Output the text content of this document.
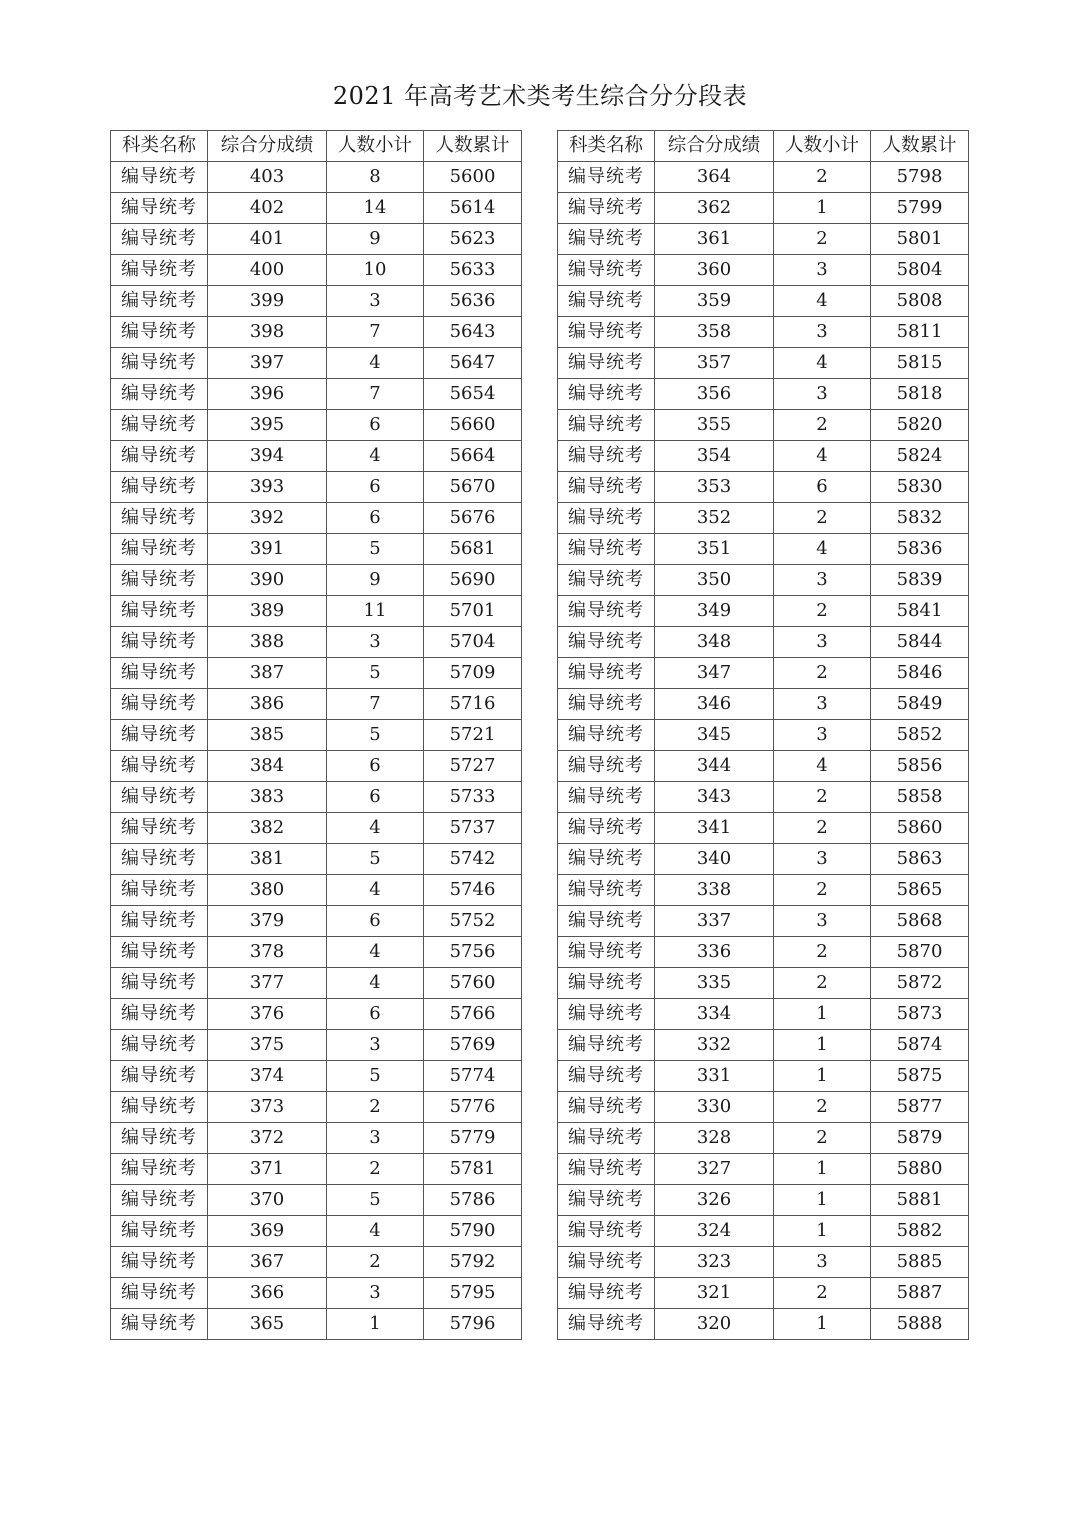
2021 年高考艺术类考生综合分分段表
科类名称	综合分成绩	人数小计	人数累计
编导统考	403	8	5600
编导统考	402	14	5614
编导统考	401	9	5623
编导统考	400	10	5633
编导统考	399	3	5636
编导统考	398	7	5643
编导统考	397	4	5647
编导统考	396	7	5654
编导统考	395	6	5660
编导统考	394	4	5664
编导统考	393	6	5670
编导统考	392	6	5676
编导统考	391	5	5681
编导统考	390	9	5690
编导统考	389	11	5701
编导统考	388	3	5704
编导统考	387	5	5709
编导统考	386	7	5716
编导统考	385	5	5721
编导统考	384	6	5727
编导统考	383	6	5733
编导统考	382	4	5737
编导统考	381	5	5742
编导统考	380	4	5746
编导统考	379	6	5752
编导统考	378	4	5756
编导统考	377	4	5760
编导统考	376	6	5766
编导统考	375	3	5769
编导统考	374	5	5774
编导统考	373	2	5776
编导统考	372	3	5779
编导统考	371	2	5781
编导统考	370	5	5786
编导统考	369	4	5790
编导统考	367	2	5792
编导统考	366	3	5795
编导统考	365	1	5796
科类名称	综合分成绩	人数小计	人数累计
编导统考	364	2	5798
编导统考	362	1	5799
编导统考	361	2	5801
编导统考	360	3	5804
编导统考	359	4	5808
编导统考	358	3	5811
编导统考	357	4	5815
编导统考	356	3	5818
编导统考	355	2	5820
编导统考	354	4	5824
编导统考	353	6	5830
编导统考	352	2	5832
编导统考	351	4	5836
编导统考	350	3	5839
编导统考	349	2	5841
编导统考	348	3	5844
编导统考	347	2	5846
编导统考	346	3	5849
编导统考	345	3	5852
编导统考	344	4	5856
编导统考	343	2	5858
编导统考	341	2	5860
编导统考	340	3	5863
编导统考	338	2	5865
编导统考	337	3	5868
编导统考	336	2	5870
编导统考	335	2	5872
编导统考	334	1	5873
编导统考	332	1	5874
编导统考	331	1	5875
编导统考	330	2	5877
编导统考	328	2	5879
编导统考	327	1	5880
编导统考	326	1	5881
编导统考	324	1	5882
编导统考	323	3	5885
编导统考	321	2	5887
编导统考	320	1	5888
